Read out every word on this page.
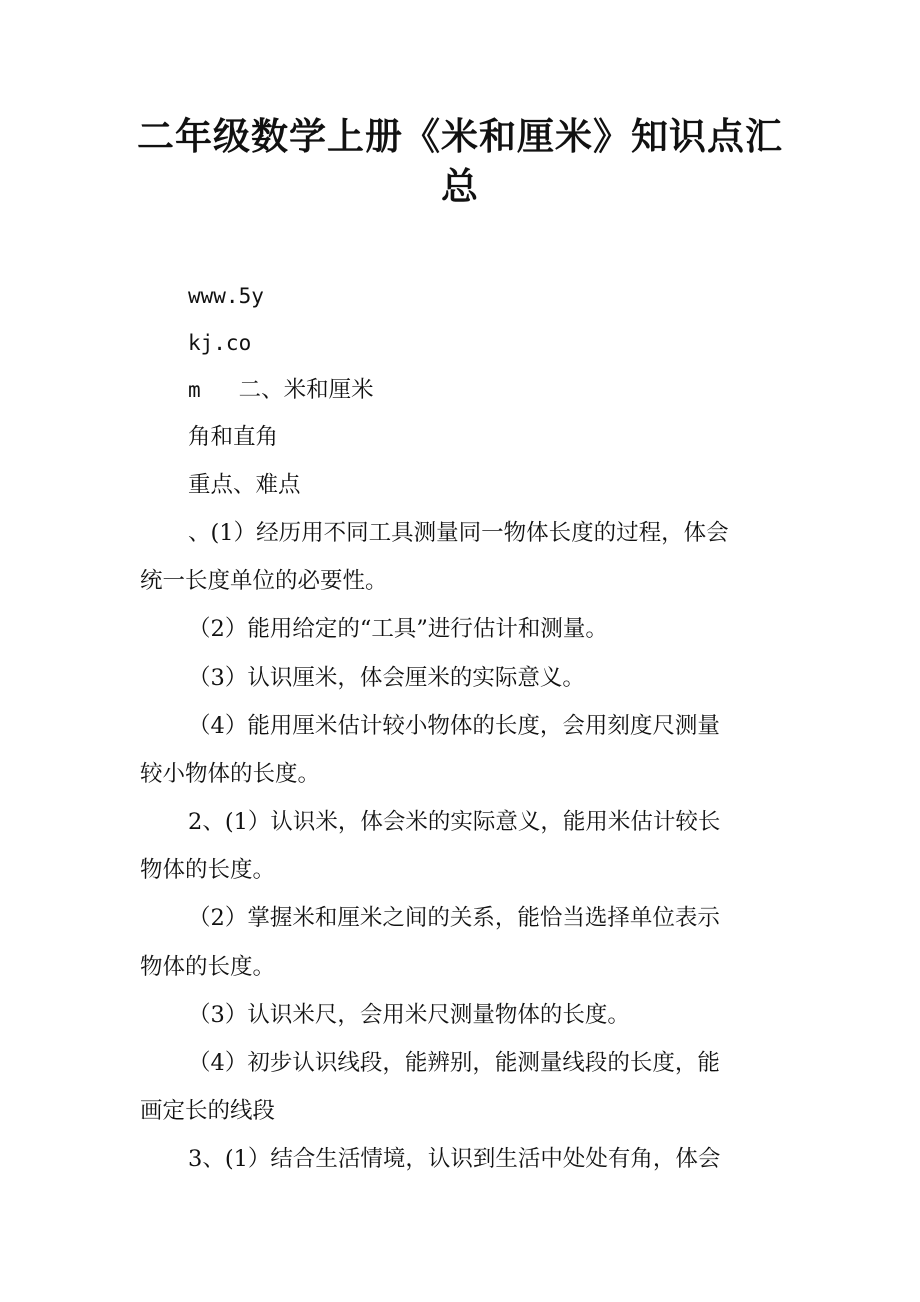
二年级数学上册《米和厘米》知识点汇总
www.5y
kj.co
m 二、米和厘米
角和直角
重点、难点
、(1）经历用不同工具测量同一物体长度的过程，体会
统一长度单位的必要性。
（2）能用给定的“工具”进行估计和测量。
（3）认识厘米，体会厘米的实际意义。
（4）能用厘米估计较小物体的长度，会用刻度尺测量
较小物体的长度。
2、(1）认识米，体会米的实际意义，能用米估计较长
物体的长度。
（2）掌握米和厘米之间的关系，能恰当选择单位表示
物体的长度。
（3）认识米尺，会用米尺测量物体的长度。
（4）初步认识线段，能辨别，能测量线段的长度，能
画定长的线段
3、(1）结合生活情境，认识到生活中处处有角，体会
